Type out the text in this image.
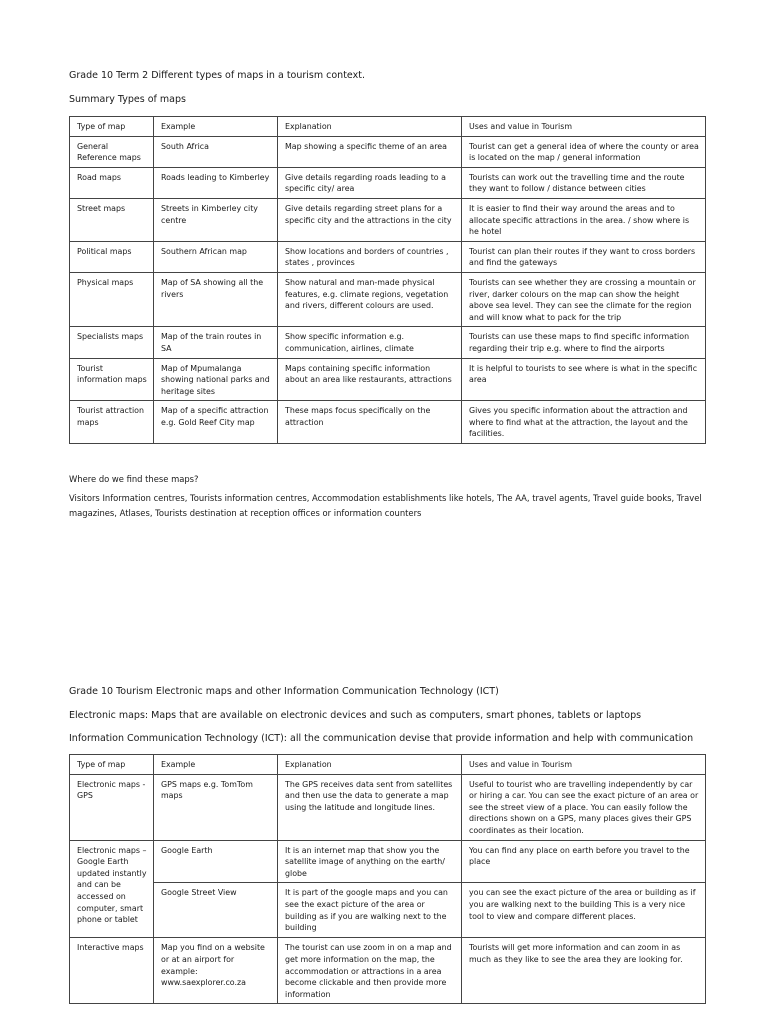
Grade 10 Term 2 Different types of maps in a tourism context.
Summary Types of maps
Type of map	Example	Explanation	Uses and value in Tourism
General Reference maps	South Africa	Map showing a specific theme of an area	Tourist can get a general idea of where the county or area is located on the map / general information
Road maps	Roads leading to Kimberley	Give details regarding roads leading to a specific city/ area	Tourists can work out the travelling time and the route they want to follow / distance between cities
Street maps	Streets in Kimberley city centre	Give details regarding street plans for a specific city and the attractions in the city	It is easier to find their way around the areas and to allocate specific attractions in the area. / show where is he hotel
Political maps	Southern African map	Show locations and borders of countries , states , provinces	Tourist can plan their routes if they want to cross borders and find the gateways
Physical maps	Map of SA showing all the rivers	Show natural and man-made physical features, e.g. climate regions, vegetation and rivers, different colours are used.	Tourists can see whether they are crossing a mountain or river, darker colours on the map can show the height above sea level. They can see the climate for the region and will know what to pack for the trip
Specialists maps	Map of the train routes in SA	Show specific information e.g. communication, airlines, climate	Tourists can use these maps to find specific information regarding their trip e.g. where to find the airports
Tourist information maps	Map of Mpumalanga showing national parks and heritage sites	Maps containing specific information about an area like restaurants, attractions	It is helpful to tourists to see where is what in the specific area
Tourist attraction maps	Map of a specific attraction e.g. Gold Reef City map	These maps focus specifically on the attraction	Gives you specific information about the attraction and where to find what at the attraction, the layout and the facilities.
Where do we find these maps?
Visitors Information centres, Tourists information centres, Accommodation establishments like hotels, The AA, travel agents, Travel guide books, Travel magazines, Atlases, Tourists destination at reception offices or information counters
Grade 10 Tourism Electronic maps and other Information Communication Technology (ICT)
Electronic maps: Maps that are available on electronic devices and such as computers, smart phones, tablets or laptops
Information Communication Technology (ICT): all the communication devise that provide information and help with communication
Type of map	Example	Explanation	Uses and value in Tourism
Electronic maps - GPS	GPS maps e.g. TomTom maps	The GPS receives data sent from satellites and then use the data to generate a map using the latitude and longitude lines.	Useful to tourist who are travelling independently by car or hiring a car. You can see the exact picture of an area or see the street view of a place. You can easily follow the directions shown on a GPS, many places gives their GPS coordinates as their location.
Electronic maps – Google Earth updated instantly and can be accessed on computer, smart phone or tablet	Google Earth	It is an internet map that show you the satellite image of anything on the earth/ globe	You can find any place on earth before you travel to the place
	Google Street View	It is part of the google maps and you can see the exact picture of the area or building as if you are walking next to the building	you can see the exact picture of the area or building as if you are walking next to the building This is a very nice tool to view and compare different places.
Interactive maps	Map you find on a website or at an airport for example: www.saexplorer.co.za	The tourist can use zoom in on a map and get more information on the map, the accommodation or attractions in a area become clickable and then provide more information	Tourists will get more information and can zoom in as much as they like to see the area they are looking for.
